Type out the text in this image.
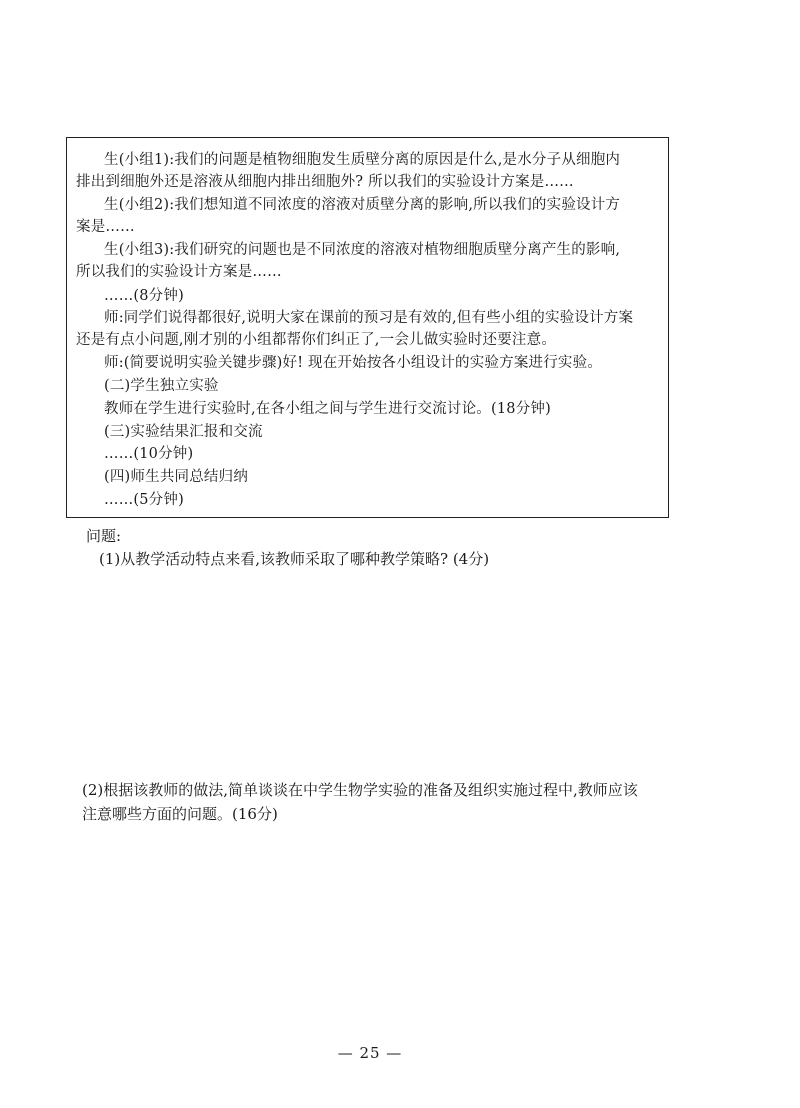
生(小组1):我们的问题是植物细胞发生质壁分离的原因是什么,是水分子从细胞内
排出到细胞外还是溶液从细胞内排出细胞外? 所以我们的实验设计方案是……
生(小组2):我们想知道不同浓度的溶液对质壁分离的影响,所以我们的实验设计方
案是……
生(小组3):我们研究的问题也是不同浓度的溶液对植物细胞质壁分离产生的影响,
所以我们的实验设计方案是……
……(8分钟)
师:同学们说得都很好,说明大家在课前的预习是有效的,但有些小组的实验设计方案
还是有点小问题,刚才别的小组都帮你们纠正了,一会儿做实验时还要注意。
师:(简要说明实验关键步骤)好! 现在开始按各小组设计的实验方案进行实验。
(二)学生独立实验
教师在学生进行实验时,在各小组之间与学生进行交流讨论。(18分钟)
(三)实验结果汇报和交流
……(10分钟)
(四)师生共同总结归纳
……(5分钟)
问题:
(1)从教学活动特点来看,该教师采取了哪种教学策略? (4分)
(2)根据该教师的做法,简单谈谈在中学生物学实验的准备及组织实施过程中,教师应该
注意哪些方面的问题。(16分)
— 25 —
